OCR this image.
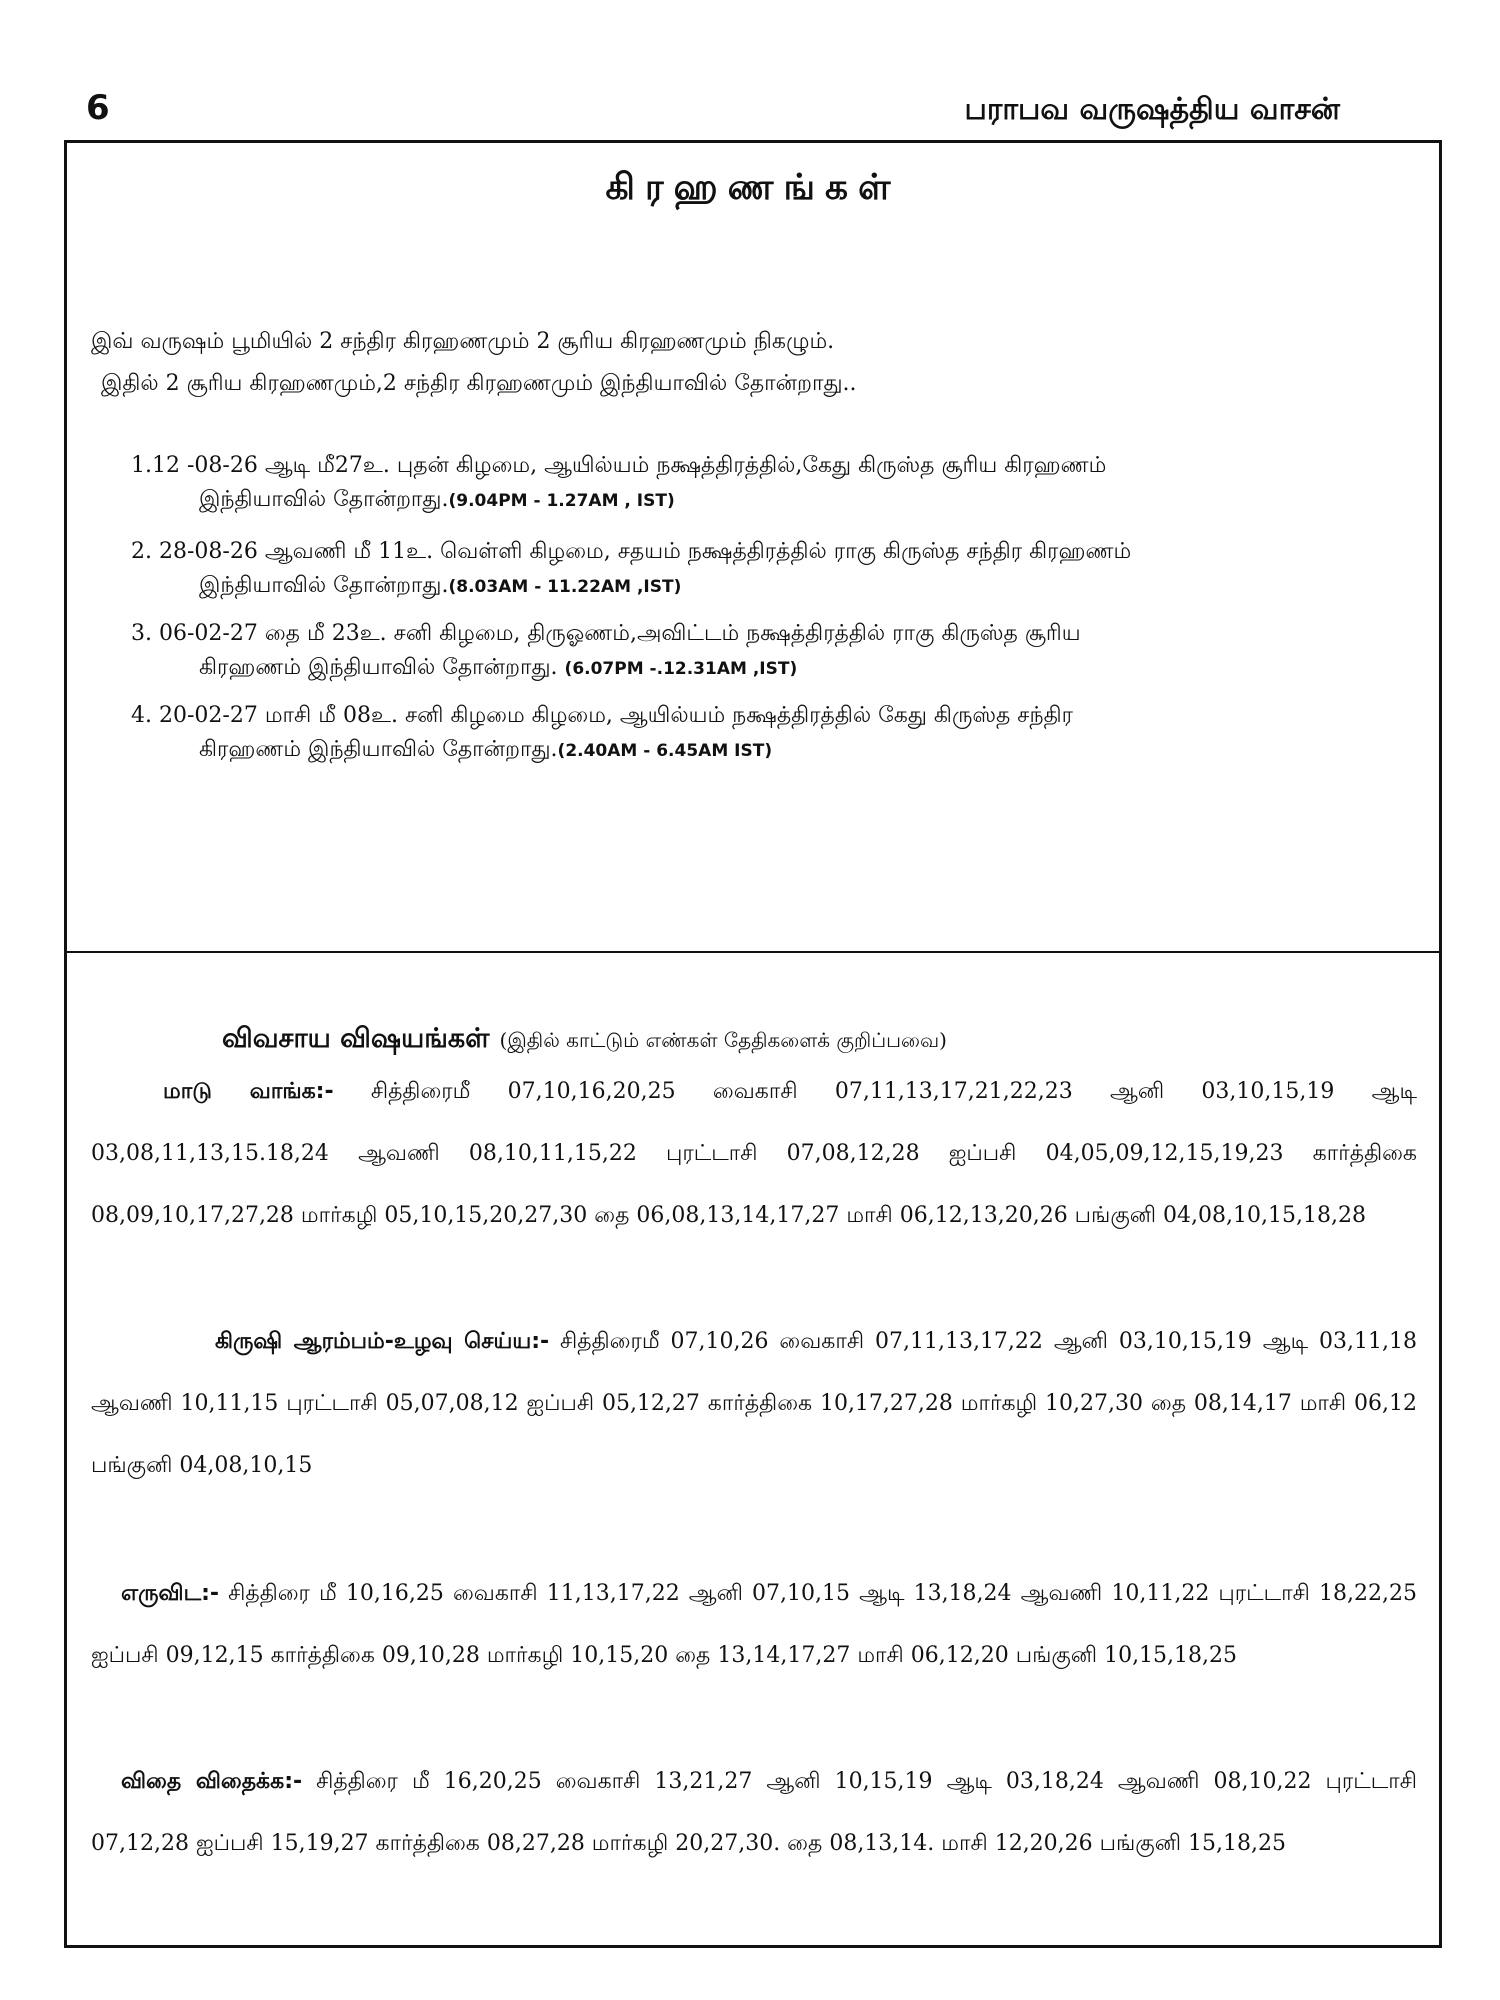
6	பராபவ வருஷத்திய வாசன்
கிரஹணங்கள்
இவ் வருஷம் பூமியில் 2 சந்திர கிரஹணமும் 2 சூரிய கிரஹணமும் நிகழும்.
இதில் 2 சூரிய கிரஹணமும்,2 சந்திர கிரஹணமும் இந்தியாவில் தோன்றாது..
1.12 -08-26 ஆடி மீ27உ. புதன் கிழமை, ஆயில்யம் நக்ஷத்திரத்தில்,கேது கிருஸ்த சூரிய கிரஹணம்
இந்தியாவில் தோன்றாது.(9.04PM - 1.27AM , IST)
2. 28-08-26 ஆவணி மீ 11உ. வெள்ளி கிழமை, சதயம் நக்ஷத்திரத்தில் ராகு கிருஸ்த சந்திர கிரஹணம்
இந்தியாவில் தோன்றாது.(8.03AM - 11.22AM ,IST)
3. 06-02-27 தை மீ 23உ. சனி கிழமை, திருஓணம்,அவிட்டம் நக்ஷத்திரத்தில் ராகு கிருஸ்த சூரிய
கிரஹணம் இந்தியாவில் தோன்றாது. (6.07PM -.12.31AM ,IST)
4. 20-02-27 மாசி மீ 08உ. சனி கிழமை கிழமை, ஆயில்யம் நக்ஷத்திரத்தில் கேது கிருஸ்த சந்திர
கிரஹணம் இந்தியாவில் தோன்றாது.(2.40AM - 6.45AM IST)
விவசாய விஷயங்கள் (இதில் காட்டும் எண்கள் தேதிகளைக் குறிப்பவை)
மாடு வாங்க:- சித்திரைமீ 07,10,16,20,25 வைகாசி 07,11,13,17,21,22,23 ஆனி 03,10,15,19 ஆடி 03,08,11,13,15.18,24 ஆவணி 08,10,11,15,22 புரட்டாசி 07,08,12,28 ஐப்பசி 04,05,09,12,15,19,23 கார்த்திகை 08,09,10,17,27,28 மார்கழி 05,10,15,20,27,30 தை 06,08,13,14,17,27 மாசி 06,12,13,20,26 பங்குனி 04,08,10,15,18,28
கிருஷி ஆரம்பம்-உழவு செய்ய:- சித்திரைமீ 07,10,26 வைகாசி 07,11,13,17,22 ஆனி 03,10,15,19 ஆடி 03,11,18 ஆவணி 10,11,15 புரட்டாசி 05,07,08,12 ஐப்பசி 05,12,27 கார்த்திகை 10,17,27,28 மார்கழி 10,27,30 தை 08,14,17 மாசி 06,12 பங்குனி 04,08,10,15
எருவிட:- சித்திரை மீ 10,16,25 வைகாசி 11,13,17,22 ஆனி 07,10,15 ஆடி 13,18,24 ஆவணி 10,11,22 புரட்டாசி 18,22,25 ஐப்பசி 09,12,15 கார்த்திகை 09,10,28 மார்கழி 10,15,20 தை 13,14,17,27 மாசி 06,12,20 பங்குனி 10,15,18,25
விதை விதைக்க:- சித்திரை மீ 16,20,25 வைகாசி 13,21,27 ஆனி 10,15,19 ஆடி 03,18,24 ஆவணி 08,10,22 புரட்டாசி 07,12,28 ஐப்பசி 15,19,27 கார்த்திகை 08,27,28 மார்கழி 20,27,30. தை 08,13,14. மாசி 12,20,26 பங்குனி 15,18,25
